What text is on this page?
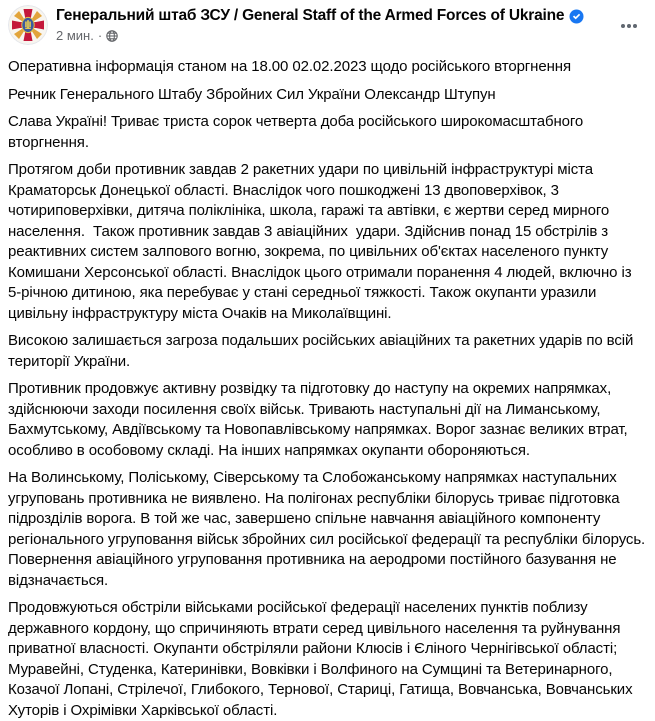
Генеральний штаб ЗСУ / General Staff of the Armed Forces of Ukraine
2 мин. ·

Оперативна інформація станом на 18.00 02.02.2023 щодо російського вторгнення

Речник Генерального Штабу Збройних Сил України Олександр Штупун

Слава Україні! Триває триста сорок четверта доба російського широкомасштабного вторгнення.

Протягом доби противник завдав 2 ракетних удари по цивільній інфраструктурі міста Краматорськ Донецької області. Внаслідок чого пошкоджені 13 двоповерхівок, 3 чотириповерхівки, дитяча поліклініка, школа, гаражі та автівки, є жертви серед мирного населення.  Також противник завдав 3 авіаційних  удари. Здійснив понад 15 обстрілів з реактивних систем залпового вогню, зокрема, по цивільних об'єктах населеного пункту Комишани Херсонської області. Внаслідок цього отримали поранення 4 людей, включно із 5-річною дитиною, яка перебуває у стані середньої тяжкості. Також окупанти уразили цивільну інфраструктуру міста Очаків на Миколаївщині.

Високою залишається загроза подальших російських авіаційних та ракетних ударів по всій території України.

Противник продовжує активну розвідку та підготовку до наступу на окремих напрямках, здійснюючи заходи посилення своїх військ. Тривають наступальні дії на Лиманському, Бахмутському, Авдіївському та Новопавлівському напрямках. Ворог зазнає великих втрат, особливо в особовому складі. На інших напрямках окупанти обороняються.

На Волинському, Поліському, Сіверському та Слобожанському напрямках наступальних угруповань противника не виявлено. На полігонах республіки білорусь триває підготовка підрозділів ворога. В той же час, завершено спільне навчання авіаційного компоненту регіонального угруповання військ збройних сил російської федерації та республіки білорусь. Повернення авіаційного угруповання противника на аеродроми постійного базування не відзначається.

Продовжуються обстріли військами російської федерації населених пунктів поблизу державного кордону, що спричиняють втрати серед цивільного населення та руйнування приватної власності. Окупанти обстріляли райони Клюсів і Єліного Чернігівської області; Муравейні, Студенка, Катеринівки, Вовківки і Волфиного на Сумщині та Ветеринарного, Козачої Лопані, Стрілечої, Глибокого, Тернової, Стариці, Гатища, Вовчанська, Вовчанських Хуторів і Охрімівки Харківської області.
